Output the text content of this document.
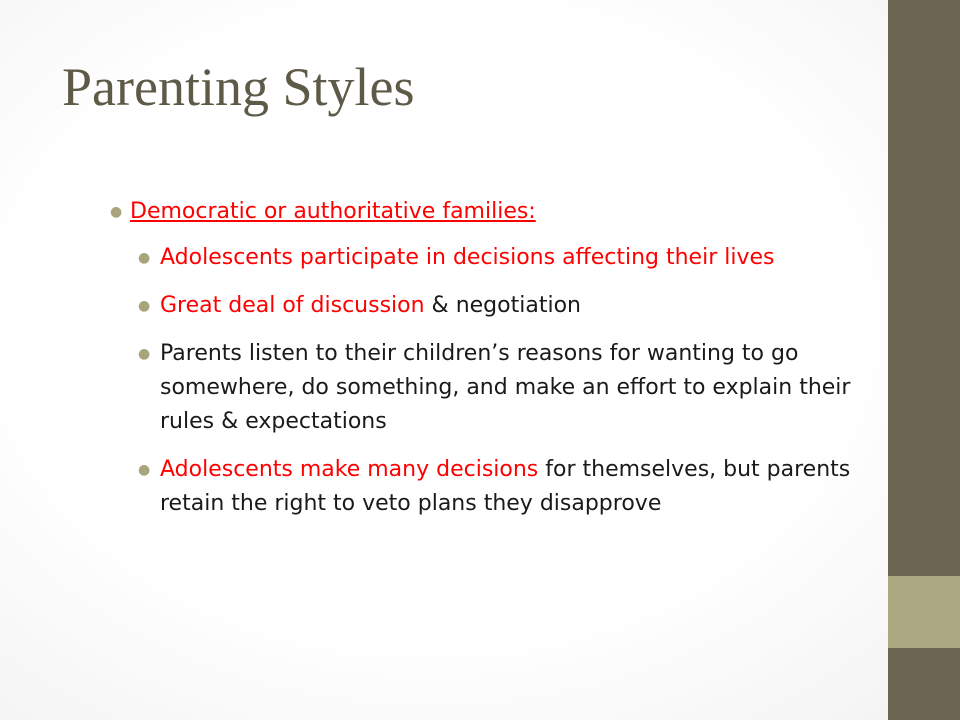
Parenting Styles
● Democratic or authoritative families:
● Adolescents participate in decisions affecting their lives
● Great deal of discussion & negotiation
● Parents listen to their children’s reasons for wanting to go somewhere, do something, and make an effort to explain their rules & expectations
● Adolescents make many decisions for themselves, but parents retain the right to veto plans they disapprove
